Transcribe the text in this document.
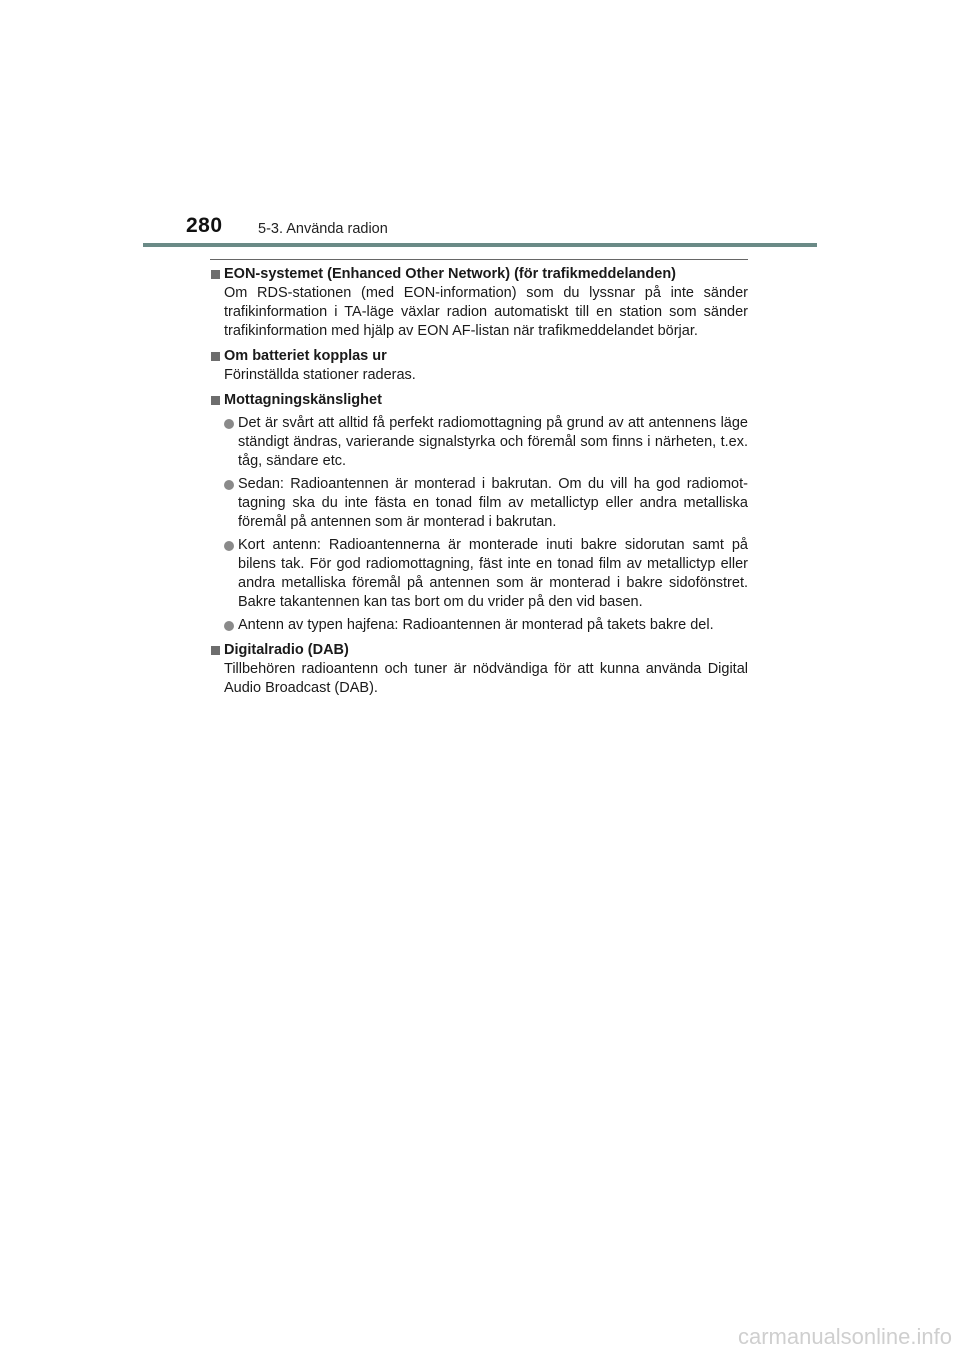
280 5-3. Använda radion
EON-systemet (Enhanced Other Network) (för trafikmeddelanden)
Om RDS-stationen (med EON-information) som du lyssnar på inte sänder trafikinformation i TA-läge växlar radion automatiskt till en station som sänder trafikinformation med hjälp av EON AF-listan när trafikmeddelandet börjar.
Om batteriet kopplas ur
Förinställda stationer raderas.
Mottagningskänslighet
Det är svårt att alltid få perfekt radiomottagning på grund av att antennens läge ständigt ändras, varierande signalstyrka och föremål som finns i närheten, t.ex. tåg, sändare etc.
Sedan: Radioantennen är monterad i bakrutan. Om du vill ha god radiomottagning ska du inte fästa en tonad film av metallictyp eller andra metalliska föremål på antennen som är monterad i bakrutan.
Kort antenn: Radioantennerna är monterade inuti bakre sidorutan samt på bilens tak. För god radiomottagning, fäst inte en tonad film av metallictyp eller andra metalliska föremål på antennen som är monterad i bakre sidofönstret. Bakre takantennen kan tas bort om du vrider på den vid basen.
Antenn av typen hajfena: Radioantennen är monterad på takets bakre del.
Digitalradio (DAB)
Tillbehören radioantenn och tuner är nödvändiga för att kunna använda Digital Audio Broadcast (DAB).
carmanualsonline.info
